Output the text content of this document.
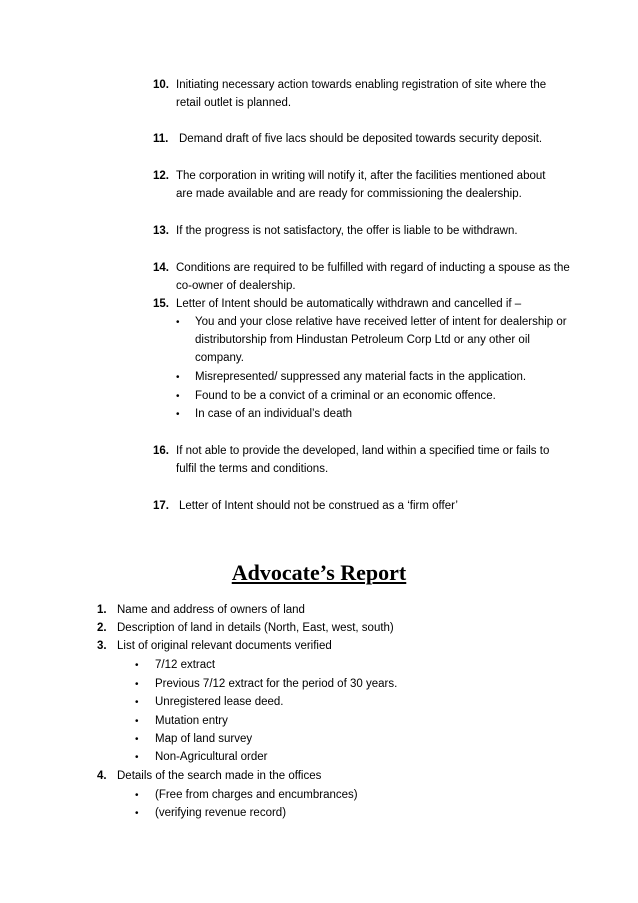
10. Initiating necessary action towards enabling registration of site where the
retail outlet is planned.
11. Demand draft of five lacs should be deposited towards security deposit.
12. The corporation in writing will notify it, after the facilities mentioned about
are made available and are ready for commissioning the dealership.
13. If the progress is not satisfactory, the offer is liable to be withdrawn.
14. Conditions are required to be fulfilled with regard of inducting a spouse as the
co-owner of dealership.
15. Letter of Intent should be automatically withdrawn and cancelled if –
• You and your close relative have received letter of intent for dealership or
distributorship from Hindustan Petroleum Corp Ltd or any other oil
company.
• Misrepresented/ suppressed any material facts in the application.
• Found to be a convict of a criminal or an economic offence.
• In case of an individual’s death
16. If not able to provide the developed, land within a specified time or fails to
fulfil the terms and conditions.
17. Letter of Intent should not be construed as a ‘firm offer’
Advocate’s Report
1. Name and address of owners of land
2. Description of land in details (North, East, west, south)
3. List of original relevant documents verified
• 7/12 extract
• Previous 7/12 extract for the period of 30 years.
• Unregistered lease deed.
• Mutation entry
• Map of land survey
• Non-Agricultural order
4. Details of the search made in the offices
• (Free from charges and encumbrances)
• (verifying revenue record)
